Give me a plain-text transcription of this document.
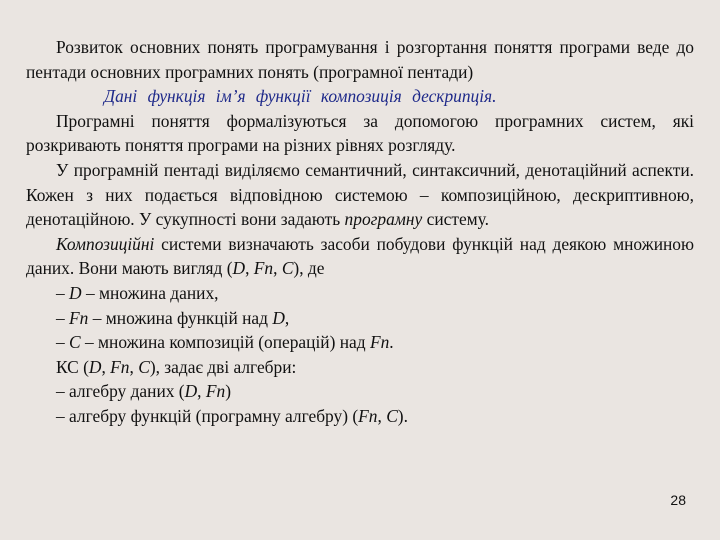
Розвиток основних понять програмування і розгортання поняття програми веде до пентади основних програмних понять (програмної пентади)

Дані функція ім’я функції композиція дескрипція.

Програмні поняття формалізуються за допомогою програмних систем, які розкривають поняття програми на різних рівнях розгляду.

У програмній пентаді виділяємо семантичний, синтаксичний, денотаційний аспекти. Кожен з них подається відповідною системою – композиційною, дескриптивною, денотаційною. У сукупності вони задають програмну систему.

Композиційні системи визначають засоби побудови функцій над деякою множиною даних. Вони мають вигляд (D, Fn, C), де

– D – множина даних,

– Fn – множина функцій над D,

– C – множина композицій (операцій) над Fn.

КС (D, Fn, C), задає дві алгебри:

– алгебру даних (D, Fn)

– алгебру функцій (програмну алгебру) (Fn, C).

28
